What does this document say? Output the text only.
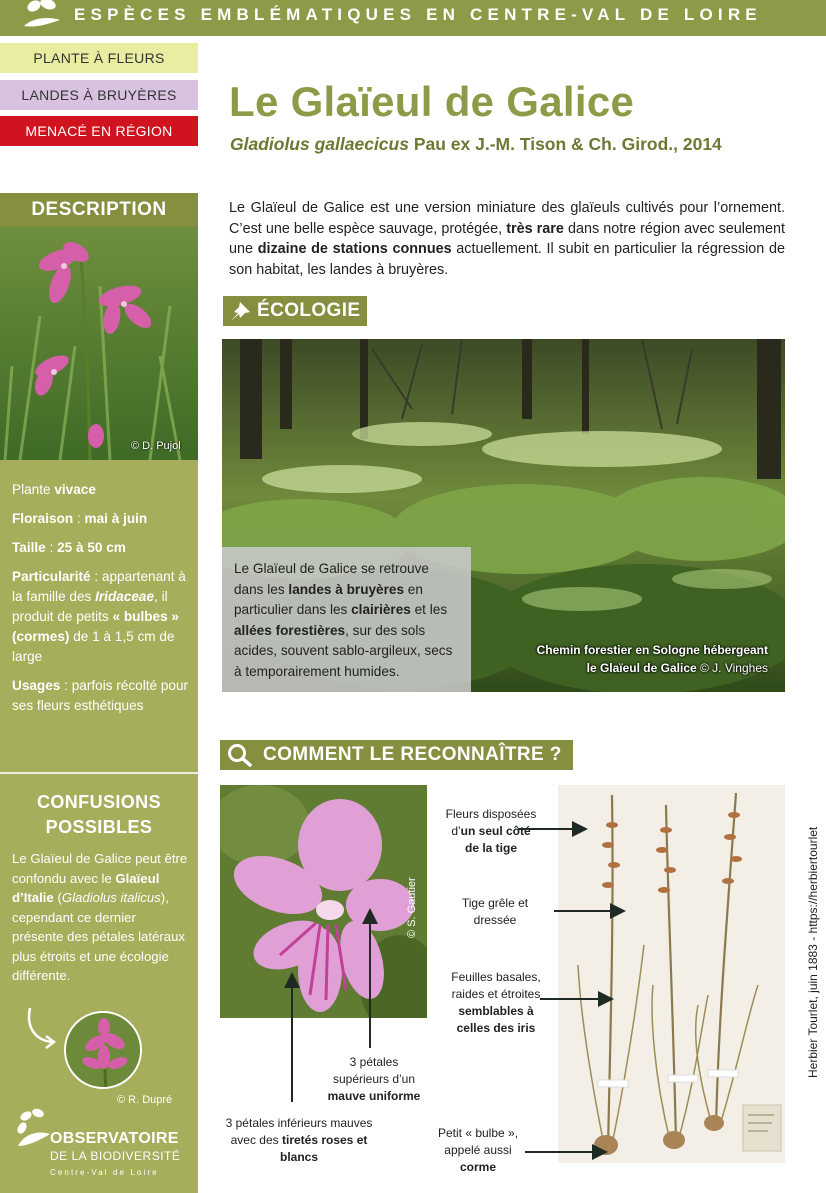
ESPÈCES EMBLÉMATIQUES EN CENTRE-VAL DE LOIRE
PLANTE À FLEURS
LANDES À BRUYÈRES
MENACÉ EN RÉGION
DESCRIPTION
© D. Pujol

Plante vivace

Floraison : mai à juin

Taille : 25 à 50 cm

Particularité : appartenant à la famille des Iridaceae, il produit de petits « bulbes » (cormes) de 1 à 1,5 cm de large

Usages : parfois récolté pour ses fleurs esthétiques

CONFUSIONS POSSIBLES
Le Glaïeul de Galice peut être confondu avec le Glaïeul d’Italie (Gladiolus italicus), cependant ce dernier présente des pétales latéraux plus étroits et une écologie différente.
© R. Dupré
OBSERVATOIRE
DE LA BIODIVERSITÉ
Centre-Val de Loire
Le Glaïeul de Galice
Gladiolus gallaecicus Pau ex J.-M. Tison & Ch. Girod., 2014
Le Glaïeul de Galice est une version miniature des glaïeuls cultivés pour l’ornement. C’est une belle espèce sauvage, protégée, très rare dans notre région avec seulement une dizaine de stations connues actuellement. Il subit en particulier la régression de son habitat, les landes à bruyères.
ÉCOLOGIE
Le Glaïeul de Galice se retrouve dans les landes à bruyères en particulier dans les clairières et les allées forestières, sur des sols acides, souvent sablo-argileux, secs à temporairement humides.
Chemin forestier en Sologne hébergeant
le Glaïeul de Galice © J. Vinghes
COMMENT LE RECONNAÎTRE ?
© S. Gautier	Herbier Tourlet, juin 1883 - https://herbiertourlet
Fleurs disposées
d’un seul côté
de la tige
Tige grêle et
dressée
Feuilles basales,
raides et étroites
semblables à
celles des iris
Petit « bulbe »,
appelé aussi
corme
3 pétales
supérieurs d’un
mauve uniforme
3 pétales inférieurs mauves
avec des tiretés roses et
blancs
